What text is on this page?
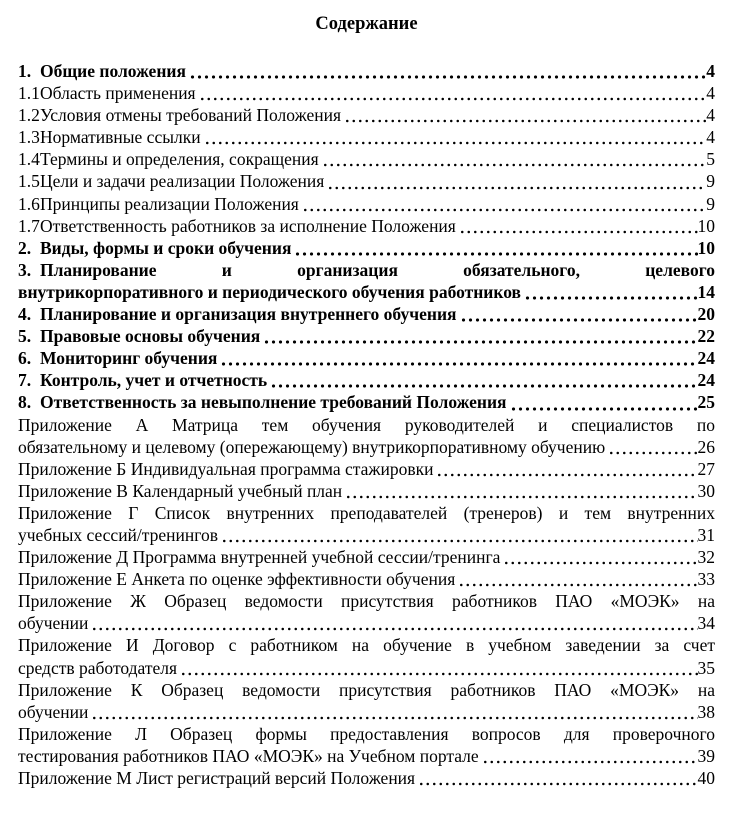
Содержание
1. Общие положения	4
1.1 Область применения	4
1.2 Условия отмены требований Положения	4
1.3 Нормативные ссылки	4
1.4 Термины и определения, сокращения	5
1.5 Цели и задачи реализации Положения	9
1.6 Принципы реализации Положения	9
1.7 Ответственность работников за исполнение Положения	10
2. Виды, формы и сроки обучения	10
3. Планирование и организация обязательного, целевого
внутрикорпоративного и периодического обучения работников	14
4. Планирование и организация внутреннего обучения	20
5. Правовые основы обучения	22
6. Мониторинг обучения	24
7. Контроль, учет и отчетность	24
8. Ответственность за невыполнение требований Положения	25
Приложение А Матрица тем обучения руководителей и специалистов по
обязательному и целевому (опережающему) внутрикорпоративному обучению	26
Приложение Б Индивидуальная программа стажировки	27
Приложение В Календарный учебный план	30
Приложение Г Список внутренних преподавателей (тренеров) и тем внутренних
учебных сессий/тренингов	31
Приложение Д Программа внутренней учебной сессии/тренинга	32
Приложение Е Анкета по оценке эффективности обучения	33
Приложение Ж Образец ведомости присутствия работников ПАО «МОЭК» на
обучении	34
Приложение И Договор с работником на обучение в учебном заведении за счет
средств работодателя	35
Приложение К Образец ведомости присутствия работников ПАО «МОЭК» на
обучении	38
Приложение Л Образец формы предоставления вопросов для проверочного
тестирования работников ПАО «МОЭК» на Учебном портале	39
Приложение М Лист регистраций версий Положения	40
